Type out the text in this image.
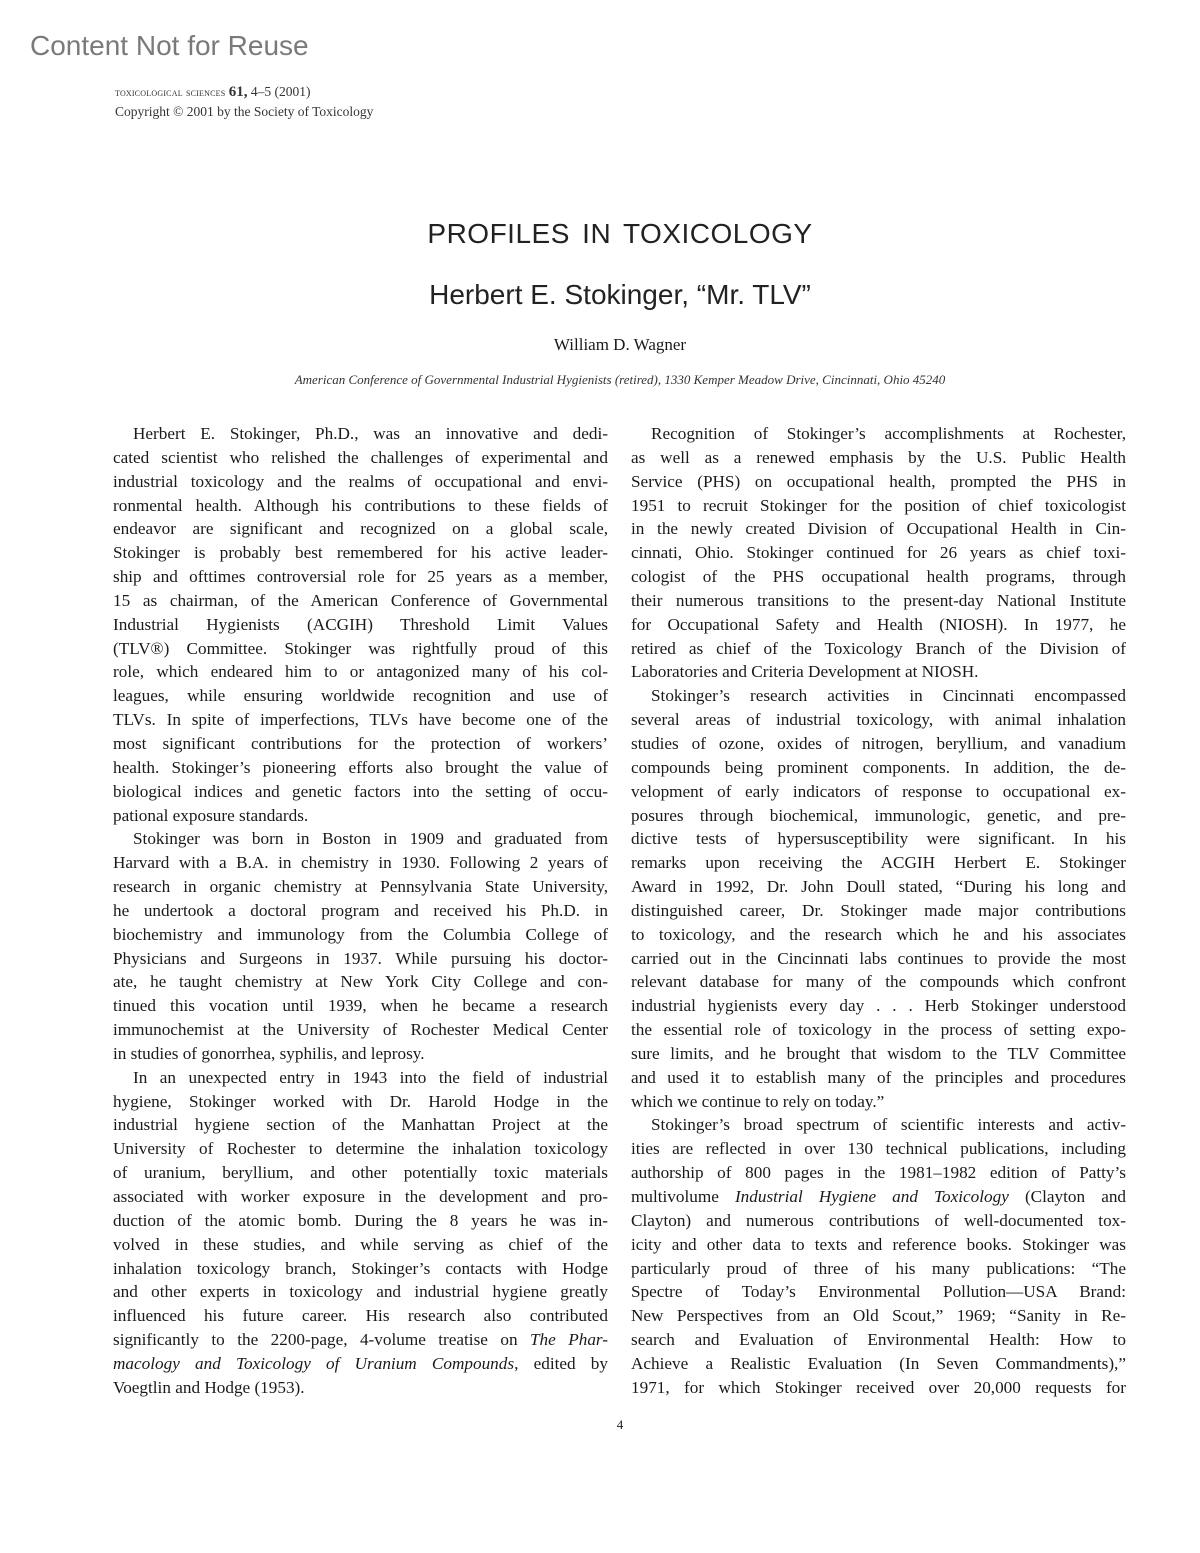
Content Not for Reuse
toxicological sciences 61, 4–5 (2001)
Copyright © 2001 by the Society of Toxicology
PROFILES IN TOXICOLOGY
Herbert E. Stokinger, “Mr. TLV”
William D. Wagner
American Conference of Governmental Industrial Hygienists (retired), 1330 Kemper Meadow Drive, Cincinnati, Ohio 45240
Herbert E. Stokinger, Ph.D., was an innovative and dedi-
cated scientist who relished the challenges of experimental and
industrial toxicology and the realms of occupational and envi-
ronmental health. Although his contributions to these fields of
endeavor are significant and recognized on a global scale,
Stokinger is probably best remembered for his active leader-
ship and ofttimes controversial role for 25 years as a member,
15 as chairman, of the American Conference of Governmental
Industrial Hygienists (ACGIH) Threshold Limit Values
(TLV®) Committee. Stokinger was rightfully proud of this
role, which endeared him to or antagonized many of his col-
leagues, while ensuring worldwide recognition and use of
TLVs. In spite of imperfections, TLVs have become one of the
most significant contributions for the protection of workers’
health. Stokinger’s pioneering efforts also brought the value of
biological indices and genetic factors into the setting of occu-
pational exposure standards.
Stokinger was born in Boston in 1909 and graduated from
Harvard with a B.A. in chemistry in 1930. Following 2 years of
research in organic chemistry at Pennsylvania State University,
he undertook a doctoral program and received his Ph.D. in
biochemistry and immunology from the Columbia College of
Physicians and Surgeons in 1937. While pursuing his doctor-
ate, he taught chemistry at New York City College and con-
tinued this vocation until 1939, when he became a research
immunochemist at the University of Rochester Medical Center
in studies of gonorrhea, syphilis, and leprosy.
In an unexpected entry in 1943 into the field of industrial
hygiene, Stokinger worked with Dr. Harold Hodge in the
industrial hygiene section of the Manhattan Project at the
University of Rochester to determine the inhalation toxicology
of uranium, beryllium, and other potentially toxic materials
associated with worker exposure in the development and pro-
duction of the atomic bomb. During the 8 years he was in-
volved in these studies, and while serving as chief of the
inhalation toxicology branch, Stokinger’s contacts with Hodge
and other experts in toxicology and industrial hygiene greatly
influenced his future career. His research also contributed
significantly to the 2200-page, 4-volume treatise on The Phar-
macology and Toxicology of Uranium Compounds, edited by
Voegtlin and Hodge (1953).
Recognition of Stokinger’s accomplishments at Rochester,
as well as a renewed emphasis by the U.S. Public Health
Service (PHS) on occupational health, prompted the PHS in
1951 to recruit Stokinger for the position of chief toxicologist
in the newly created Division of Occupational Health in Cin-
cinnati, Ohio. Stokinger continued for 26 years as chief toxi-
cologist of the PHS occupational health programs, through
their numerous transitions to the present-day National Institute
for Occupational Safety and Health (NIOSH). In 1977, he
retired as chief of the Toxicology Branch of the Division of
Laboratories and Criteria Development at NIOSH.
Stokinger’s research activities in Cincinnati encompassed
several areas of industrial toxicology, with animal inhalation
studies of ozone, oxides of nitrogen, beryllium, and vanadium
compounds being prominent components. In addition, the de-
velopment of early indicators of response to occupational ex-
posures through biochemical, immunologic, genetic, and pre-
dictive tests of hypersusceptibility were significant. In his
remarks upon receiving the ACGIH Herbert E. Stokinger
Award in 1992, Dr. John Doull stated, “During his long and
distinguished career, Dr. Stokinger made major contributions
to toxicology, and the research which he and his associates
carried out in the Cincinnati labs continues to provide the most
relevant database for many of the compounds which confront
industrial hygienists every day . . . Herb Stokinger understood
the essential role of toxicology in the process of setting expo-
sure limits, and he brought that wisdom to the TLV Committee
and used it to establish many of the principles and procedures
which we continue to rely on today.”
Stokinger’s broad spectrum of scientific interests and activ-
ities are reflected in over 130 technical publications, including
authorship of 800 pages in the 1981–1982 edition of Patty’s
multivolume Industrial Hygiene and Toxicology (Clayton and
Clayton) and numerous contributions of well-documented tox-
icity and other data to texts and reference books. Stokinger was
particularly proud of three of his many publications: “The
Spectre of Today’s Environmental Pollution—USA Brand:
New Perspectives from an Old Scout,” 1969; “Sanity in Re-
search and Evaluation of Environmental Health: How to
Achieve a Realistic Evaluation (In Seven Commandments),”
1971, for which Stokinger received over 20,000 requests for
4
